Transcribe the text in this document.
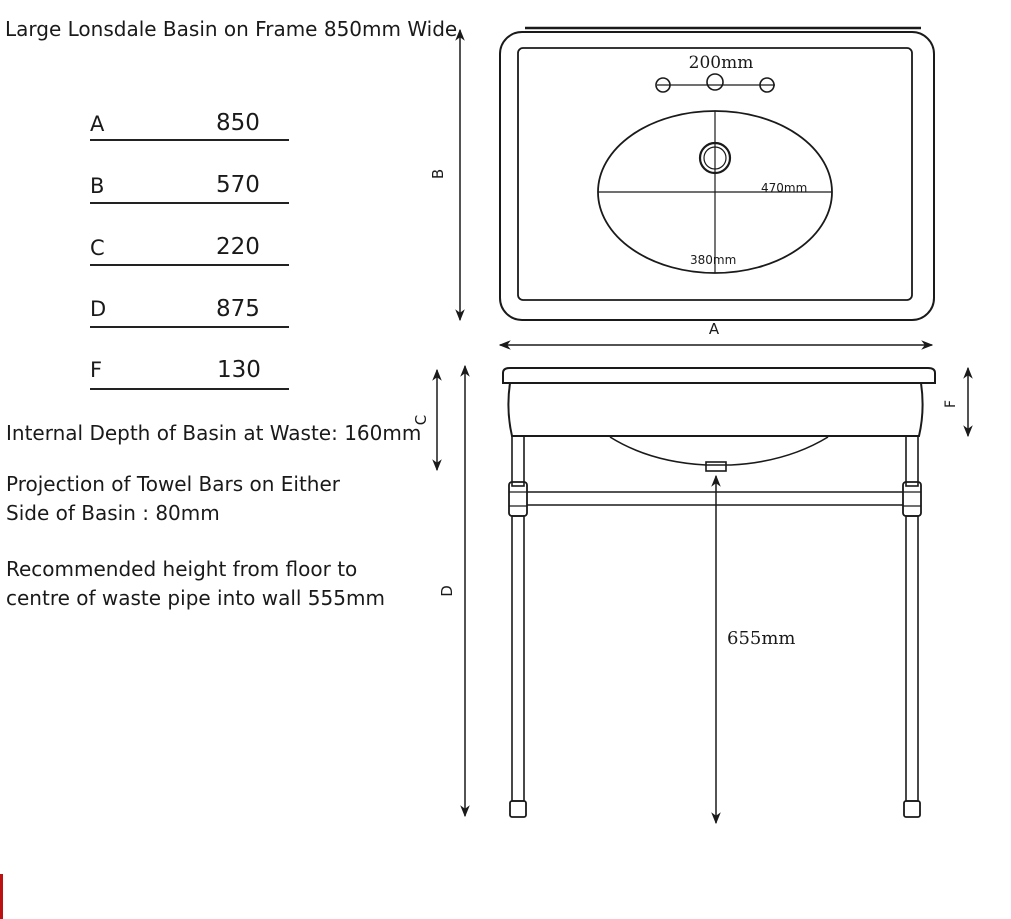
Large Lonsdale Basin on Frame 850mm Wide
A	850
B	570
C	220
D	875
F	130
Internal Depth of Basin at Waste: 160mm
Projection of Towel Bars on Either
Side of Basin : 80mm
Recommended height from floor to
centre of waste pipe into wall 555mm
200mm
470mm
380mm
655mm
A
B
C
D
F
